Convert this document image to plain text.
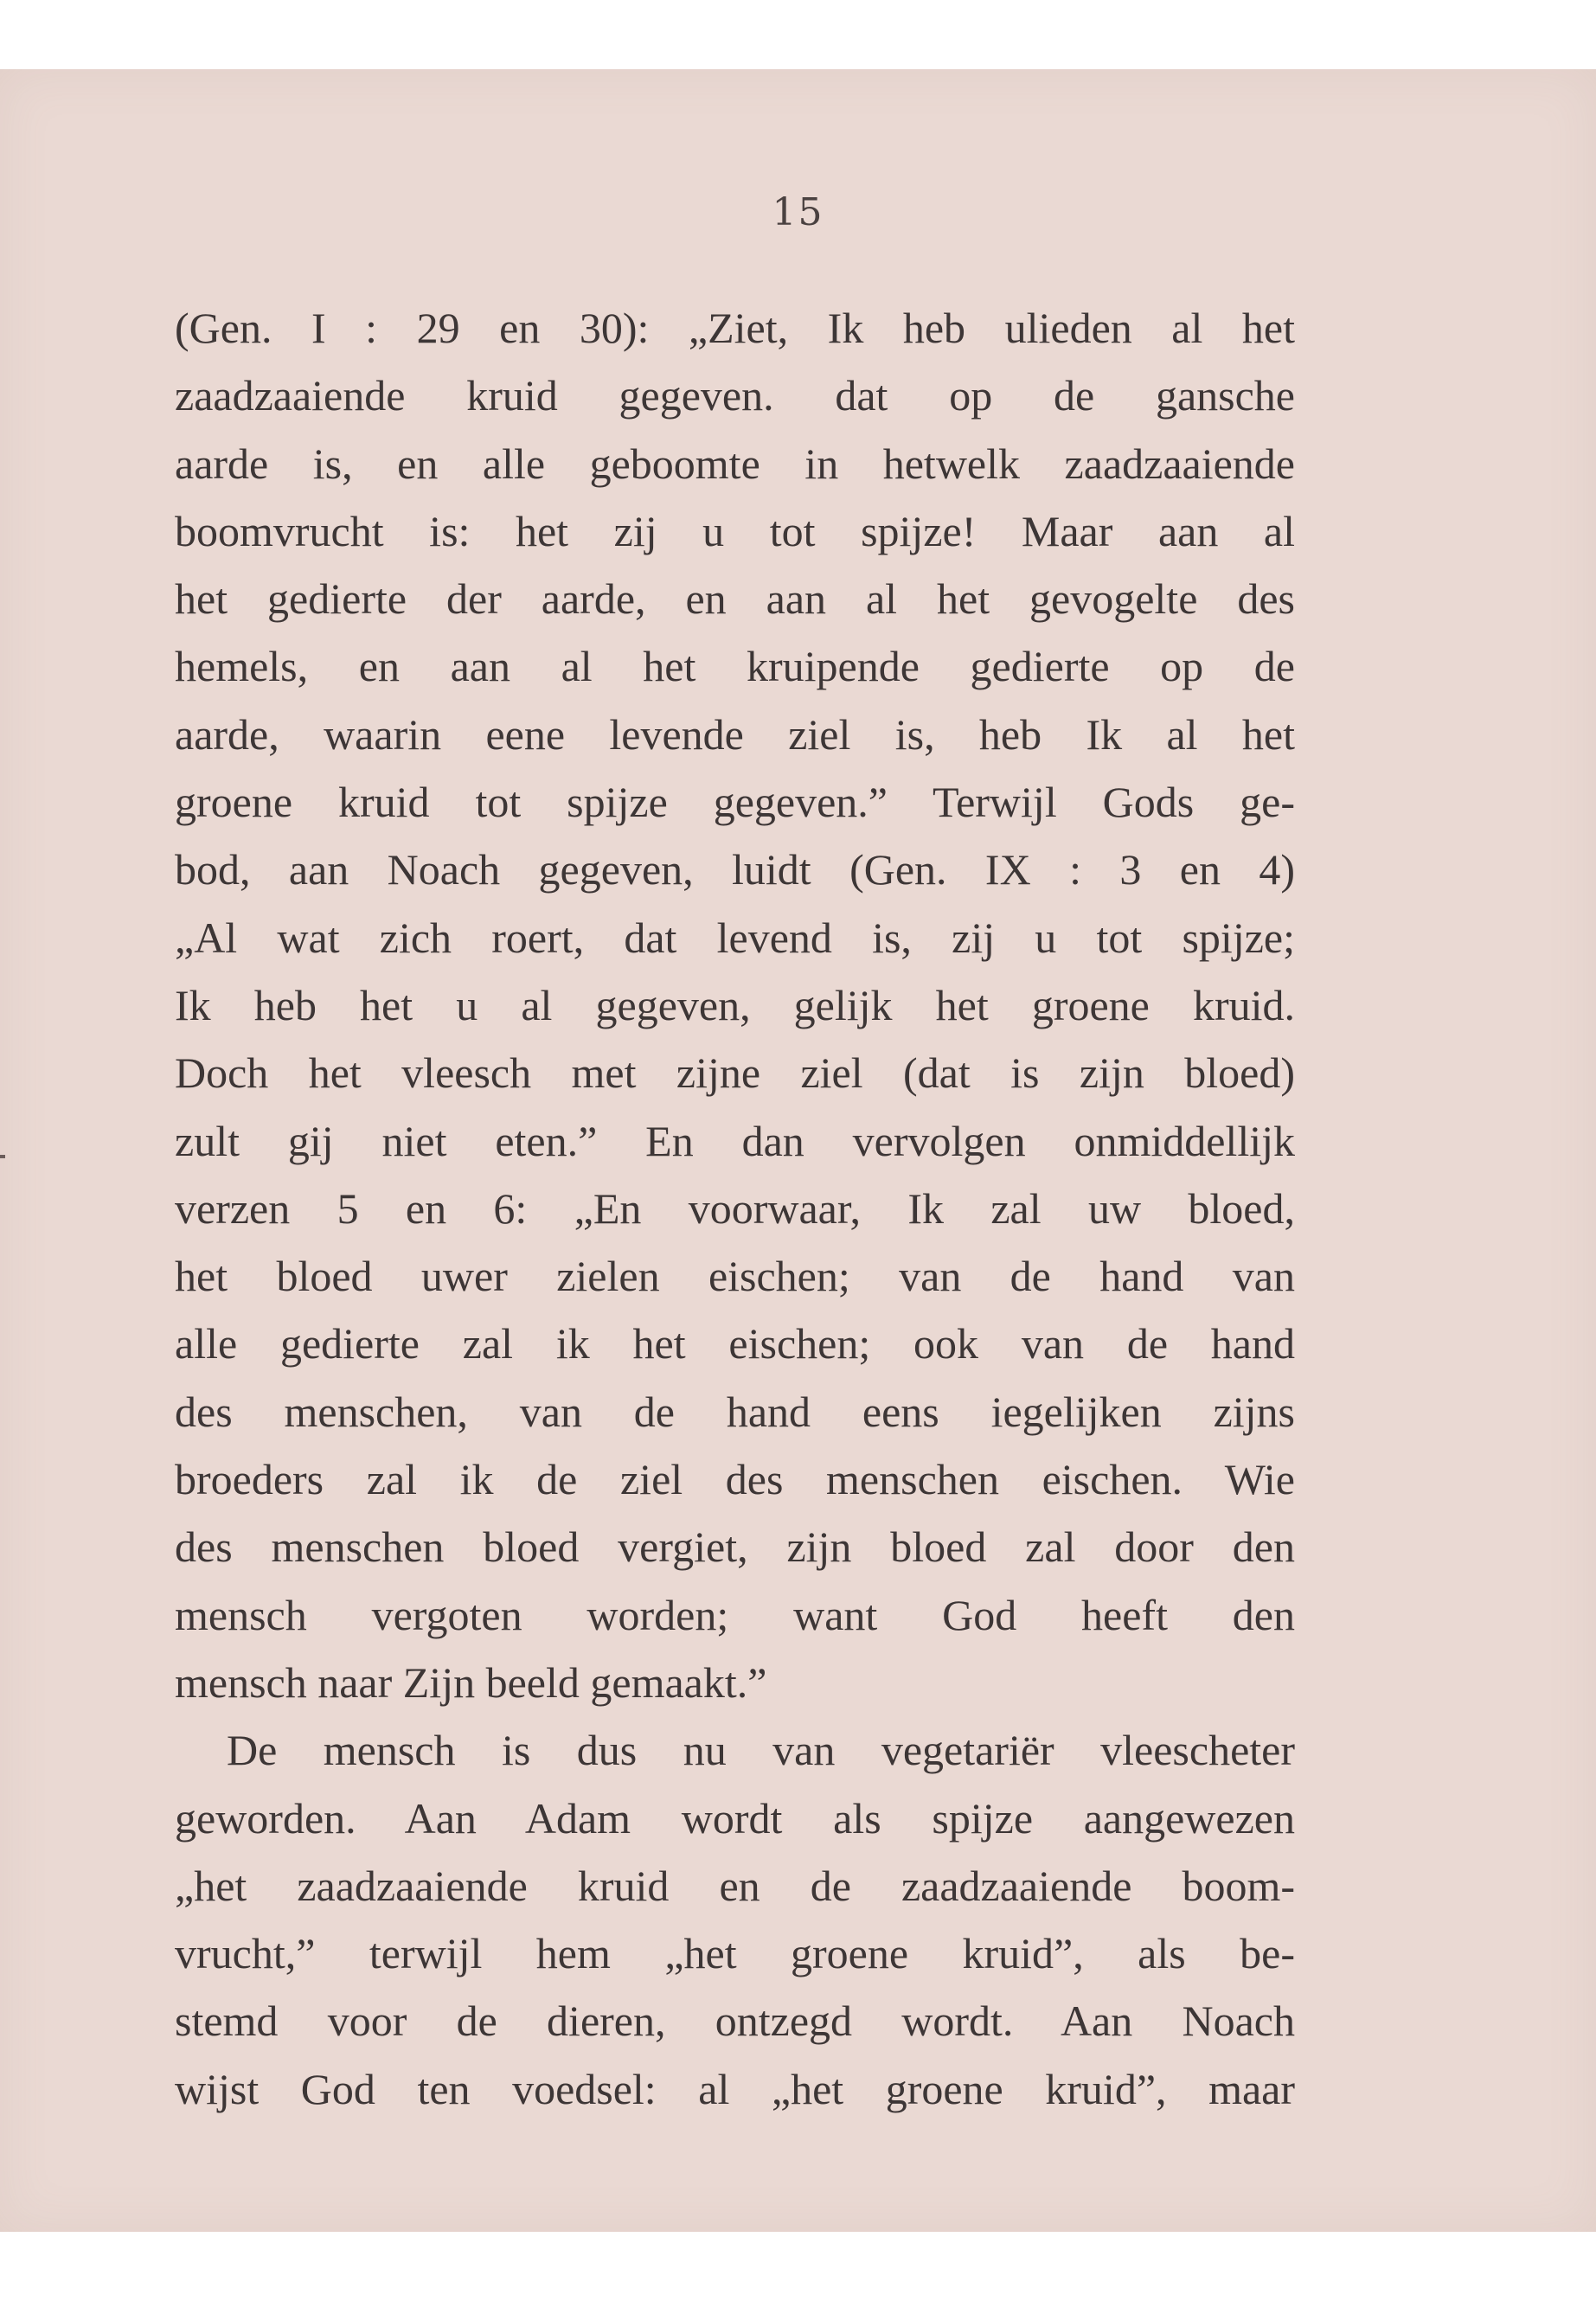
15
(Gen. I : 29 en 30): „Ziet, Ik heb ulieden al het
zaadzaaiende kruid gegeven. dat op de gansche
aarde is, en alle geboomte in hetwelk zaadzaaiende
boomvrucht is: het zij u tot spijze! Maar aan al
het gedierte der aarde, en aan al het gevogelte des
hemels, en aan al het kruipende gedierte op de
aarde, waarin eene levende ziel is, heb Ik al het
groene kruid tot spijze gegeven.” Terwijl Gods ge-
bod, aan Noach gegeven, luidt (Gen. IX : 3 en 4)
„Al wat zich roert, dat levend is, zij u tot spijze;
Ik heb het u al gegeven, gelijk het groene kruid.
Doch het vleesch met zijne ziel (dat is zijn bloed)
zult gij niet eten.” En dan vervolgen onmiddellijk
verzen 5 en 6: „En voorwaar, Ik zal uw bloed,
het bloed uwer zielen eischen; van de hand van
alle gedierte zal ik het eischen; ook van de hand
des menschen, van de hand eens iegelijken zijns
broeders zal ik de ziel des menschen eischen. Wie
des menschen bloed vergiet, zijn bloed zal door den
mensch vergoten worden; want God heeft den
mensch naar Zijn beeld gemaakt.”
De mensch is dus nu van vegetariër vleescheter
geworden. Aan Adam wordt als spijze aangewezen
„het zaadzaaiende kruid en de zaadzaaiende boom-
vrucht,” terwijl hem „het groene kruid”, als be-
stemd voor de dieren, ontzegd wordt. Aan Noach
wijst God ten voedsel: al „het groene kruid”, maar
